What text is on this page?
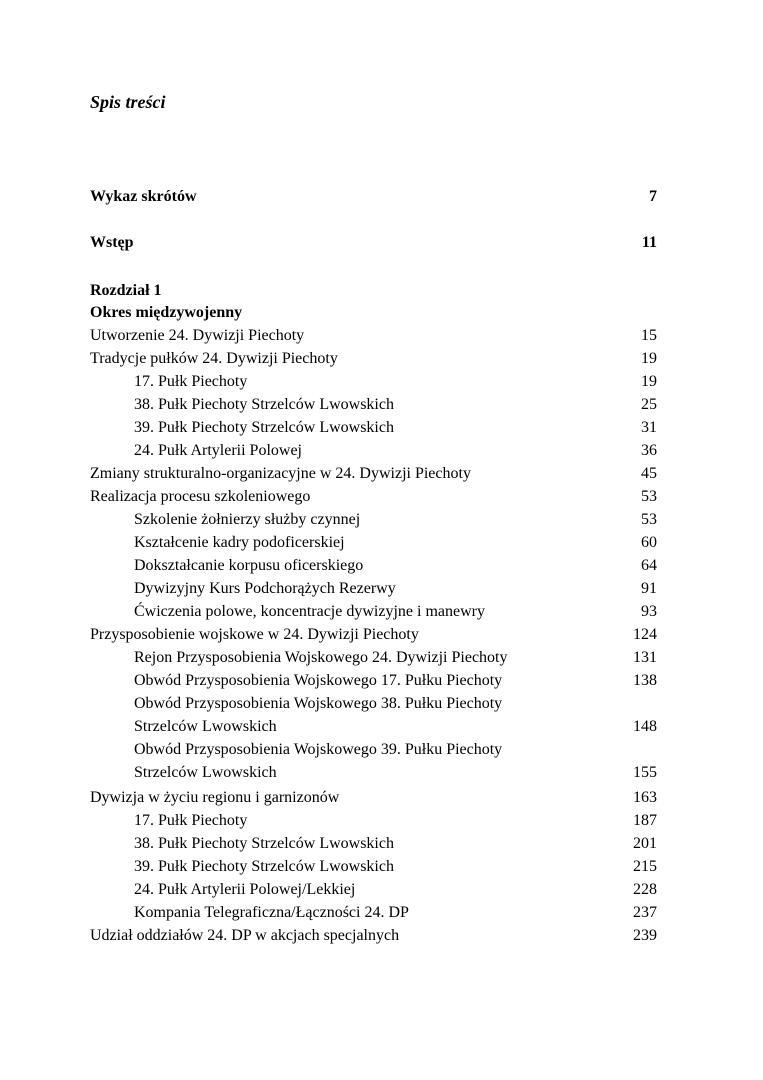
Spis treści
Wykaz skrótów	7
Wstęp	11
Rozdział 1
Okres międzywojenny
Utworzenie 24. Dywizji Piechoty	15
Tradycje pułków 24. Dywizji Piechoty	19
17. Pułk Piechoty	19
38. Pułk Piechoty Strzelców Lwowskich	25
39. Pułk Piechoty Strzelców Lwowskich	31
24. Pułk Artylerii Polowej	36
Zmiany strukturalno-organizacyjne w 24. Dywizji Piechoty	45
Realizacja procesu szkoleniowego	53
Szkolenie żołnierzy służby czynnej	53
Kształcenie kadry podoficerskiej	60
Dokształcanie korpusu oficerskiego	64
Dywizyjny Kurs Podchorążych Rezerwy	91
Ćwiczenia polowe, koncentracje dywizyjne i manewry	93
Przysposobienie wojskowe w 24. Dywizji Piechoty	124
Rejon Przysposobienia Wojskowego 24. Dywizji Piechoty	131
Obwód Przysposobienia Wojskowego 17. Pułku Piechoty	138
Obwód Przysposobienia Wojskowego 38. Pułku Piechoty
Strzelców Lwowskich	148
Obwód Przysposobienia Wojskowego 39. Pułku Piechoty
Strzelców Lwowskich	155
Dywizja w życiu regionu i garnizonów	163
17. Pułk Piechoty	187
38. Pułk Piechoty Strzelców Lwowskich	201
39. Pułk Piechoty Strzelców Lwowskich	215
24. Pułk Artylerii Polowej/Lekkiej	228
Kompania Telegraficzna/Łączności 24. DP	237
Udział oddziałów 24. DP w akcjach specjalnych	239
